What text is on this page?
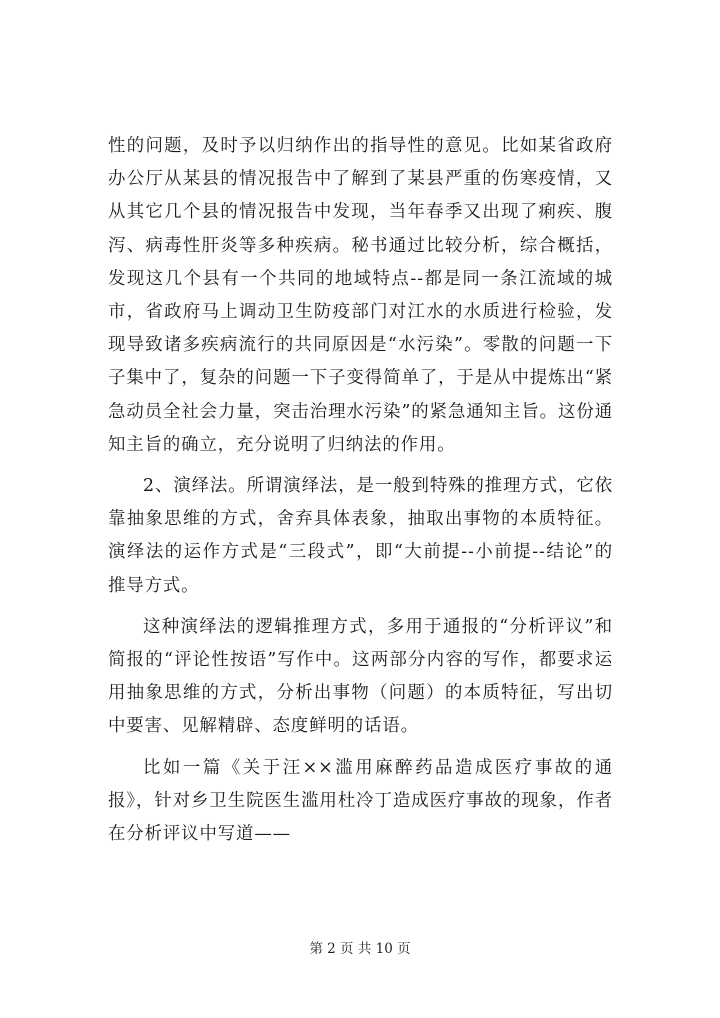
性的问题，及时予以归纳作出的指导性的意见。比如某省政府办公厅从某县的情况报告中了解到了某县严重的伤寒疫情，又从其它几个县的情况报告中发现，当年春季又出现了痢疾、腹泻、病毒性肝炎等多种疾病。秘书通过比较分析，综合概括，发现这几个县有一个共同的地域特点--都是同一条江流域的城市，省政府马上调动卫生防疫部门对江水的水质进行检验，发现导致诸多疾病流行的共同原因是“水污染”。零散的问题一下子集中了，复杂的问题一下子变得简单了，于是从中提炼出“紧急动员全社会力量，突击治理水污染”的紧急通知主旨。这份通知主旨的确立，充分说明了归纳法的作用。

2、演绎法。所谓演绎法，是一般到特殊的推理方式，它依靠抽象思维的方式，舍弃具体表象，抽取出事物的本质特征。演绎法的运作方式是“三段式”，即“大前提--小前提--结论”的推导方式。

这种演绎法的逻辑推理方式，多用于通报的“分析评议”和简报的“评论性按语”写作中。这两部分内容的写作，都要求运用抽象思维的方式，分析出事物（问题）的本质特征，写出切中要害、见解精辟、态度鲜明的话语。

比如一篇《关于汪××滥用麻醉药品造成医疗事故的通报》，针对乡卫生院医生滥用杜冷丁造成医疗事故的现象，作者在分析评议中写道——

第 2 页 共 10 页
